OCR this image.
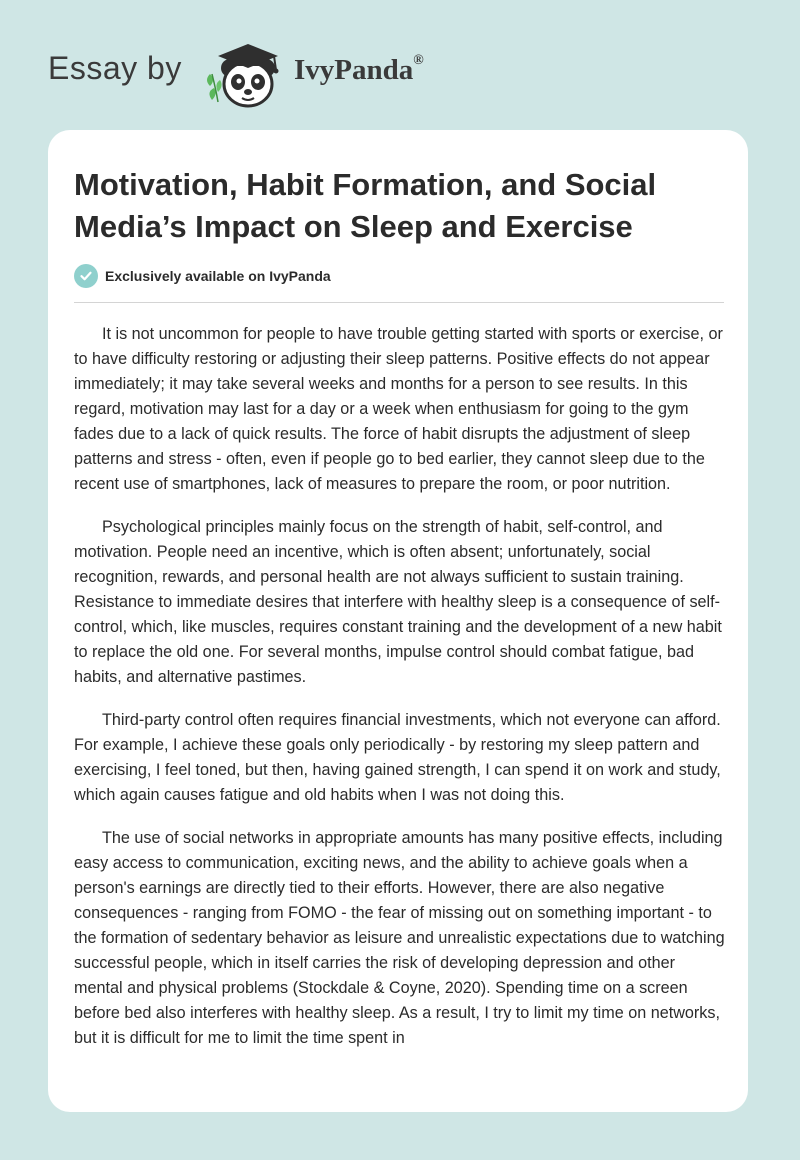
Essay by	IvyPanda®
Motivation, Habit Formation, and Social Media’s Impact on Sleep and Exercise
Exclusively available on IvyPanda

It is not uncommon for people to have trouble getting started with sports or exercise, or to have difficulty restoring or adjusting their sleep patterns. Positive effects do not appear immediately; it may take several weeks and months for a person to see results. In this regard, motivation may last for a day or a week when enthusiasm for going to the gym fades due to a lack of quick results. The force of habit disrupts the adjustment of sleep patterns and stress - often, even if people go to bed earlier, they cannot sleep due to the recent use of smartphones, lack of measures to prepare the room, or poor nutrition.

Psychological principles mainly focus on the strength of habit, self-control, and motivation. People need an incentive, which is often absent; unfortunately, social recognition, rewards, and personal health are not always sufficient to sustain training. Resistance to immediate desires that interfere with healthy sleep is a consequence of self-control, which, like muscles, requires constant training and the development of a new habit to replace the old one. For several months, impulse control should combat fatigue, bad habits, and alternative pastimes.

Third-party control often requires financial investments, which not everyone can afford. For example, I achieve these goals only periodically - by restoring my sleep pattern and exercising, I feel toned, but then, having gained strength, I can spend it on work and study, which again causes fatigue and old habits when I was not doing this.

The use of social networks in appropriate amounts has many positive effects, including easy access to communication, exciting news, and the ability to achieve goals when a person's earnings are directly tied to their efforts. However, there are also negative consequences - ranging from FOMO - the fear of missing out on something important - to the formation of sedentary behavior as leisure and unrealistic expectations due to watching successful people, which in itself carries the risk of developing depression and other mental and physical problems (Stockdale & Coyne, 2020). Spending time on a screen before bed also interferes with healthy sleep. As a result, I try to limit my time on networks, but it is difficult for me to limit the time spent in
